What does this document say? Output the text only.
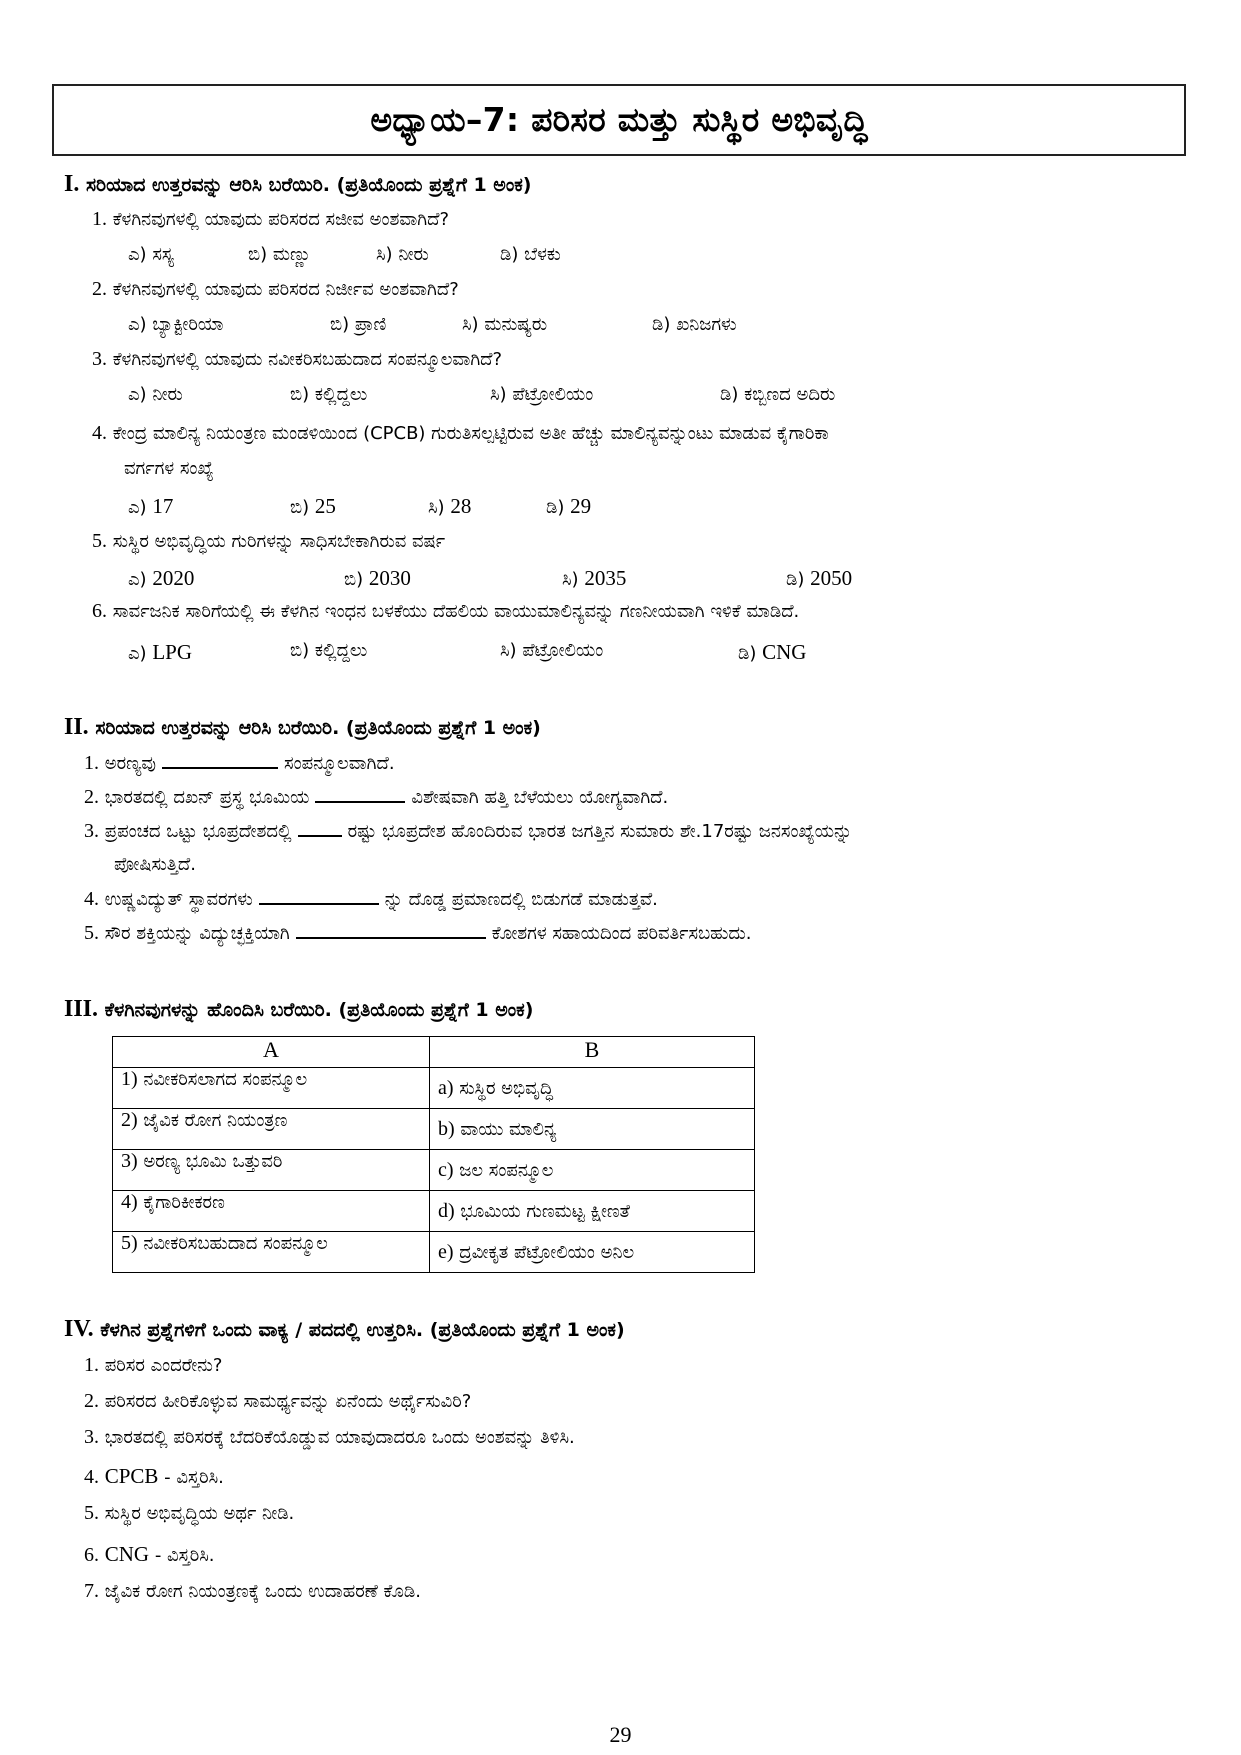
ಅಧ್ಯಾಯ–7: ಪರಿಸರ ಮತ್ತು ಸುಸ್ಥಿರ ಅಭಿವೃದ್ಧಿ
I. ಸರಿಯಾದ ಉತ್ತರವನ್ನು ಆರಿಸಿ ಬರೆಯಿರಿ. (ಪ್ರತಿಯೊಂದು ಪ್ರಶ್ನೆಗೆ 1 ಅಂಕ)
1. ಕೆಳಗಿನವುಗಳಲ್ಲಿ ಯಾವುದು ಪರಿಸರದ ಸಜೀವ ಅಂಶವಾಗಿದೆ?
ಎ) ಸಸ್ಯ	ಬಿ) ಮಣ್ಣು	ಸಿ) ನೀರು	ಡಿ) ಬೆಳಕು
2. ಕೆಳಗಿನವುಗಳಲ್ಲಿ ಯಾವುದು ಪರಿಸರದ ನಿರ್ಜೀವ ಅಂಶವಾಗಿದೆ?
ಎ) ಬ್ಯಾಕ್ಟೀರಿಯಾ	ಬಿ) ಪ್ರಾಣಿ	ಸಿ) ಮನುಷ್ಯರು	ಡಿ) ಖನಿಜಗಳು
3. ಕೆಳಗಿನವುಗಳಲ್ಲಿ ಯಾವುದು ನವೀಕರಿಸಬಹುದಾದ ಸಂಪನ್ಮೂಲವಾಗಿದೆ?
ಎ) ನೀರು	ಬಿ) ಕಲ್ಲಿದ್ದಲು	ಸಿ) ಪೆಟ್ರೋಲಿಯಂ	ಡಿ) ಕಬ್ಬಿಣದ ಅದಿರು
4. ಕೇಂದ್ರ ಮಾಲಿನ್ಯ ನಿಯಂತ್ರಣ ಮಂಡಳಿಯಿಂದ (CPCB) ಗುರುತಿಸಲ್ಪಟ್ಟಿರುವ ಅತೀ ಹೆಚ್ಚು ಮಾಲಿನ್ಯವನ್ನುಂಟು ಮಾಡುವ ಕೈಗಾರಿಕಾ
ವರ್ಗಗಳ ಸಂಖ್ಯೆ
ಎ) 17	ಬಿ) 25	ಸಿ) 28	ಡಿ) 29
5. ಸುಸ್ಥಿರ ಅಭಿವೃದ್ಧಿಯ ಗುರಿಗಳನ್ನು ಸಾಧಿಸಬೇಕಾಗಿರುವ ವರ್ಷ
ಎ) 2020	ಬಿ) 2030	ಸಿ) 2035	ಡಿ) 2050
6. ಸಾರ್ವಜನಿಕ ಸಾರಿಗೆಯಲ್ಲಿ ಈ ಕೆಳಗಿನ ಇಂಧನ ಬಳಕೆಯು ದೆಹಲಿಯ ವಾಯುಮಾಲಿನ್ಯವನ್ನು ಗಣನೀಯವಾಗಿ ಇಳಿಕೆ ಮಾಡಿದೆ.
ಎ) LPG	ಬಿ) ಕಲ್ಲಿದ್ದಲು	ಸಿ) ಪೆಟ್ರೋಲಿಯಂ	ಡಿ) CNG
II. ಸರಿಯಾದ ಉತ್ತರವನ್ನು ಆರಿಸಿ ಬರೆಯಿರಿ. (ಪ್ರತಿಯೊಂದು ಪ್ರಶ್ನೆಗೆ 1 ಅಂಕ)
1. ಅರಣ್ಯವು	ಸಂಪನ್ಮೂಲವಾಗಿದೆ.
2. ಭಾರತದಲ್ಲಿ ದಖನ್ ಪ್ರಸ್ಥ ಭೂಮಿಯ	ವಿಶೇಷವಾಗಿ ಹತ್ತಿ ಬೆಳೆಯಲು ಯೋಗ್ಯವಾಗಿದೆ.
3. ಪ್ರಪಂಚದ ಒಟ್ಟು ಭೂಪ್ರದೇಶದಲ್ಲಿ	ರಷ್ಟು ಭೂಪ್ರದೇಶ ಹೊಂದಿರುವ ಭಾರತ ಜಗತ್ತಿನ ಸುಮಾರು ಶೇ.17ರಷ್ಟು ಜನಸಂಖ್ಯೆಯನ್ನು
ಪೋಷಿಸುತ್ತಿದೆ.
4. ಉಷ್ಣವಿದ್ಯುತ್ ಸ್ಥಾವರಗಳು	ನ್ನು ದೊಡ್ಡ ಪ್ರಮಾಣದಲ್ಲಿ ಬಿಡುಗಡೆ ಮಾಡುತ್ತವೆ.
5. ಸೌರ ಶಕ್ತಿಯನ್ನು ವಿದ್ಯುಚ್ಛಕ್ತಿಯಾಗಿ	ಕೋಶಗಳ ಸಹಾಯದಿಂದ ಪರಿವರ್ತಿಸಬಹುದು.
III. ಕೆಳಗಿನವುಗಳನ್ನು ಹೊಂದಿಸಿ ಬರೆಯಿರಿ. (ಪ್ರತಿಯೊಂದು ಪ್ರಶ್ನೆಗೆ 1 ಅಂಕ)
A	B
1) ನವೀಕರಿಸಲಾಗದ ಸಂಪನ್ಮೂಲ	a) ಸುಸ್ಥಿರ ಅಭಿವೃದ್ಧಿ
2) ಜೈವಿಕ ರೋಗ ನಿಯಂತ್ರಣ	b) ವಾಯು ಮಾಲಿನ್ಯ
3) ಅರಣ್ಯ ಭೂಮಿ ಒತ್ತುವರಿ	c) ಜಲ ಸಂಪನ್ಮೂಲ
4) ಕೈಗಾರಿಕೀಕರಣ	d) ಭೂಮಿಯ ಗುಣಮಟ್ಟ ಕ್ಷೀಣತೆ
5) ನವೀಕರಿಸಬಹುದಾದ ಸಂಪನ್ಮೂಲ	e) ದ್ರವೀಕೃತ ಪೆಟ್ರೋಲಿಯಂ ಅನಿಲ
IV. ಕೆಳಗಿನ ಪ್ರಶ್ನೆಗಳಿಗೆ ಒಂದು ವಾಕ್ಯ / ಪದದಲ್ಲಿ ಉತ್ತರಿಸಿ. (ಪ್ರತಿಯೊಂದು ಪ್ರಶ್ನೆಗೆ 1 ಅಂಕ)
1. ಪರಿಸರ ಎಂದರೇನು?
2. ಪರಿಸರದ ಹೀರಿಕೊಳ್ಳುವ ಸಾಮರ್ಥ್ಯವನ್ನು ಏನೆಂದು ಅರ್ಥೈಸುವಿರಿ?
3. ಭಾರತದಲ್ಲಿ ಪರಿಸರಕ್ಕೆ ಬೆದರಿಕೆಯೊಡ್ಡುವ ಯಾವುದಾದರೂ ಒಂದು ಅಂಶವನ್ನು ತಿಳಿಸಿ.
4. CPCB - ವಿಸ್ತರಿಸಿ.
5. ಸುಸ್ಥಿರ ಅಭಿವೃದ್ಧಿಯ ಅರ್ಥ ನೀಡಿ.
6. CNG - ವಿಸ್ತರಿಸಿ.
7. ಜೈವಿಕ ರೋಗ ನಿಯಂತ್ರಣಕ್ಕೆ ಒಂದು ಉದಾಹರಣೆ ಕೊಡಿ.
29
